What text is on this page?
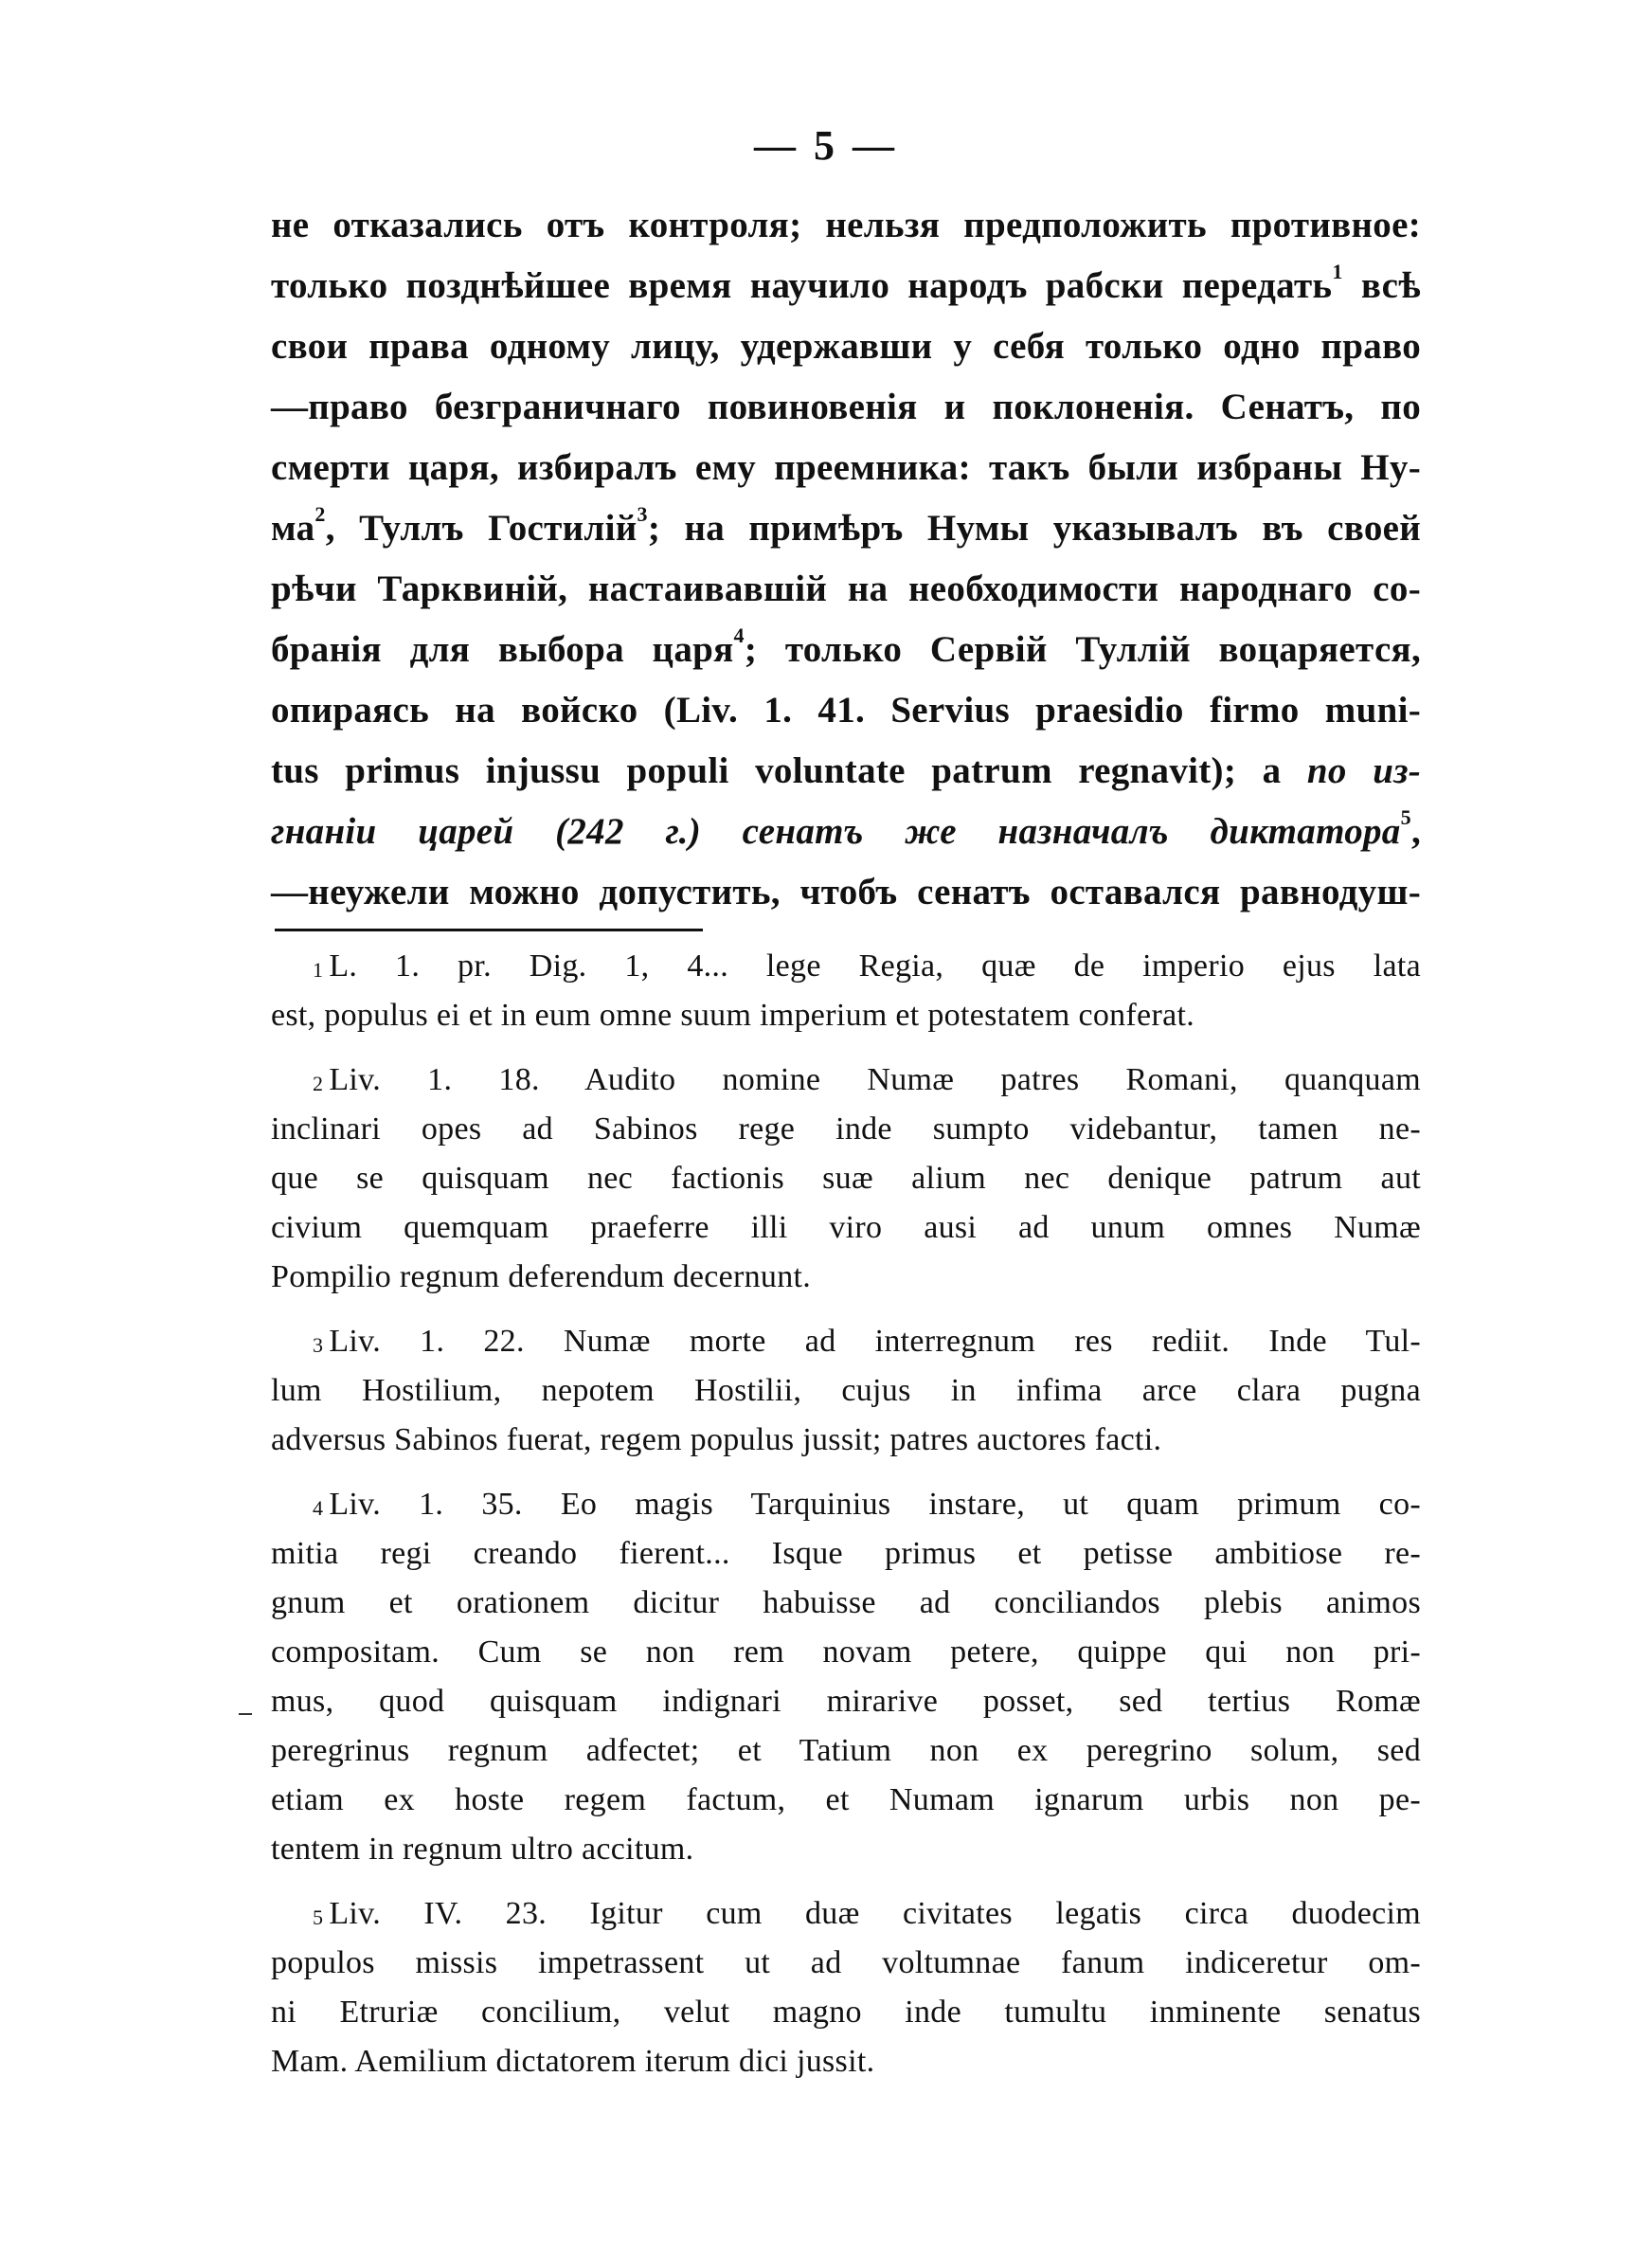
— 5 —
не отказались отъ контроля; нельзя предположить противное:
только позднѣйшее время научило народъ рабски передать$^1$ всѣ
свои права одному лицу, удержавши у себя только одно право
—право безграничнаго повиновенія и поклоненія. Сенатъ, по
смерти царя, избиралъ ему преемника: такъ были избраны Ну-
$ма^2$, Туллъ Гостилій$^3$; на примѣръ Нумы указывалъ въ своей
рѣчи Тарквиній, настаивавшій на необходимости народнаго со-
бранія для выбора царя$^4$; только Сервій Туллій воцаряется,
опираясь на войско (Liv. 1. 41. Servius praesidio firmo muni-
tus primus injussu populi voluntate patrum regnavit); а по из-
гнаніи царей (242 г.) сенатъ же назначалъ диктатора$^5$,
—неужели можно допустить, чтобъ сенатъ оставался равнодуш-
$^1$ L. 1. pr. Dig. 1, 4... lege Regia, quæ de imperio ejus lata
est, populus ei et in eum omne suum imperium et potestatem conferat.
$^2$ Liv. 1. 18. Audito nomine Numæ patres Romani, quanquam
inclinari opes ad Sabinos rege inde sumpto videbantur, tamen ne-
que se quisquam nec factionis suæ alium nec denique patrum aut
civium quemquam praeferre illi viro ausi ad unum omnes Numæ
Pompilio regnum deferendum decernunt.
$^3$ Liv. 1. 22. Numæ morte ad interregnum res rediit. Inde Tul-
lum Hostilium, nepotem Hostilii, cujus in infima arce clara pugna
adversus Sabinos fuerat, regem populus jussit; patres auctores facti.
$^4$ Liv. 1. 35. Eo magis Tarquinius instare, ut quam primum co-
mitia regi creando fierent... Isque primus et petisse ambitiose re-
gnum et orationem dicitur habuisse ad conciliandos plebis animos
compositam. Cum se non rem novam petere, quippe qui non pri-
mus, quod quisquam indignari mirarive posset, sed tertius Romæ
peregrinus regnum adfectet; et Tatium non ex peregrino solum, sed
etiam ex hoste regem factum, et Numam ignarum urbis non pe-
tentem in regnum ultro accitum.
$^5$ Liv. IV. 23. Igitur cum duæ civitates legatis circa duodecim
populos missis impetrassent ut ad voltumnae fanum indiceretur om-
ni Etruriæ concilium, velut magno inde tumultu inminente senatus
Mam. Aemilium dictatorem iterum dici jussit.
